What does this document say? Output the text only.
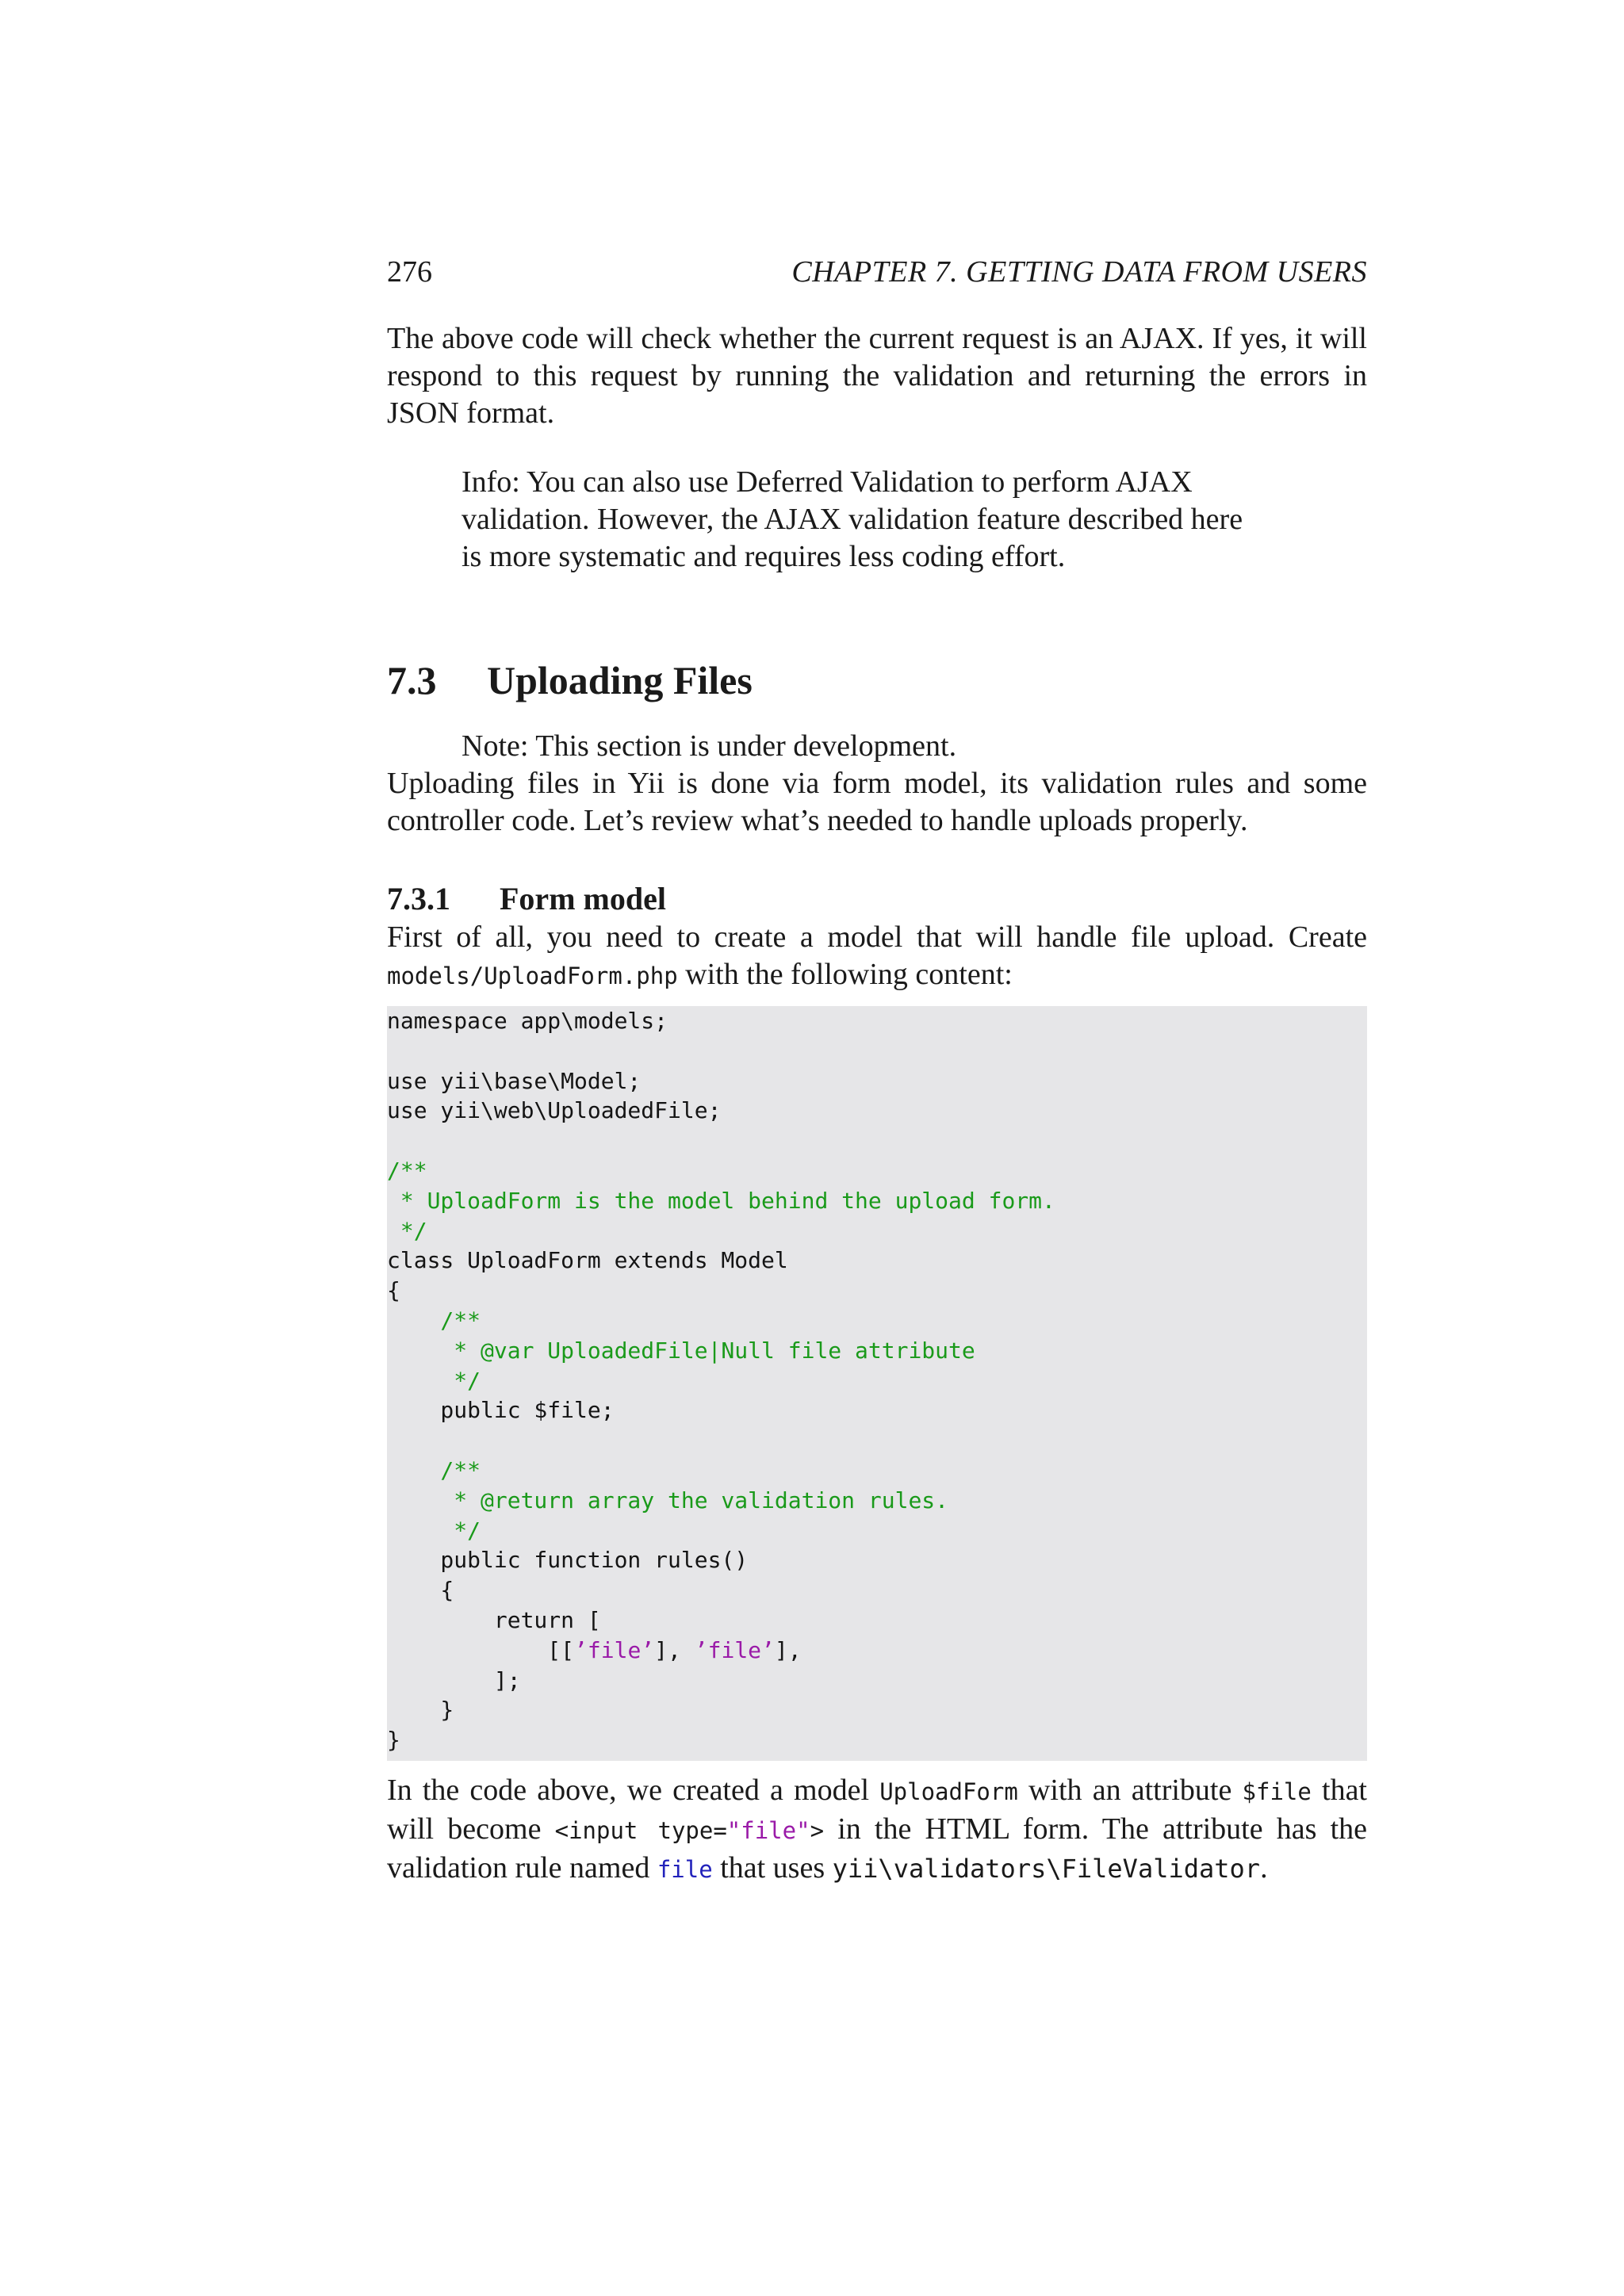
276	CHAPTER 7. GETTING DATA FROM USERS

The above code will check whether the current request is an AJAX. If yes, it will respond to this request by running the validation and returning the errors in JSON format.

Info: You can also use Deferred Validation to perform AJAX
validation. However, the AJAX validation feature described here
is more systematic and requires less coding effort.
7.3 Uploading Files
Note: This section is under development.

Uploading files in Yii is done via form model, its validation rules and some controller code. Let’s review what’s needed to handle uploads properly.

7.3.1 Form model

First of all, you need to create a model that will handle file upload. Create models/UploadForm.php with the following content:

namespace app\models;
use yii\base\Model;
use yii\web\UploadedFile;
/**
* UploadForm is the model behind the upload form.
*/
class UploadForm extends Model
{
/**
* @var UploadedFile|Null file attribute
*/
public $file;
/**
* @return array the validation rules.
*/
public function rules()
{
return [
[[’file’], ’file’],
];
}
}

In the code above, we created a model UploadForm with an attribute $file that will become <input type="file"> in the HTML form. The attribute has the validation rule named file that uses yii\validators\FileValidator.
